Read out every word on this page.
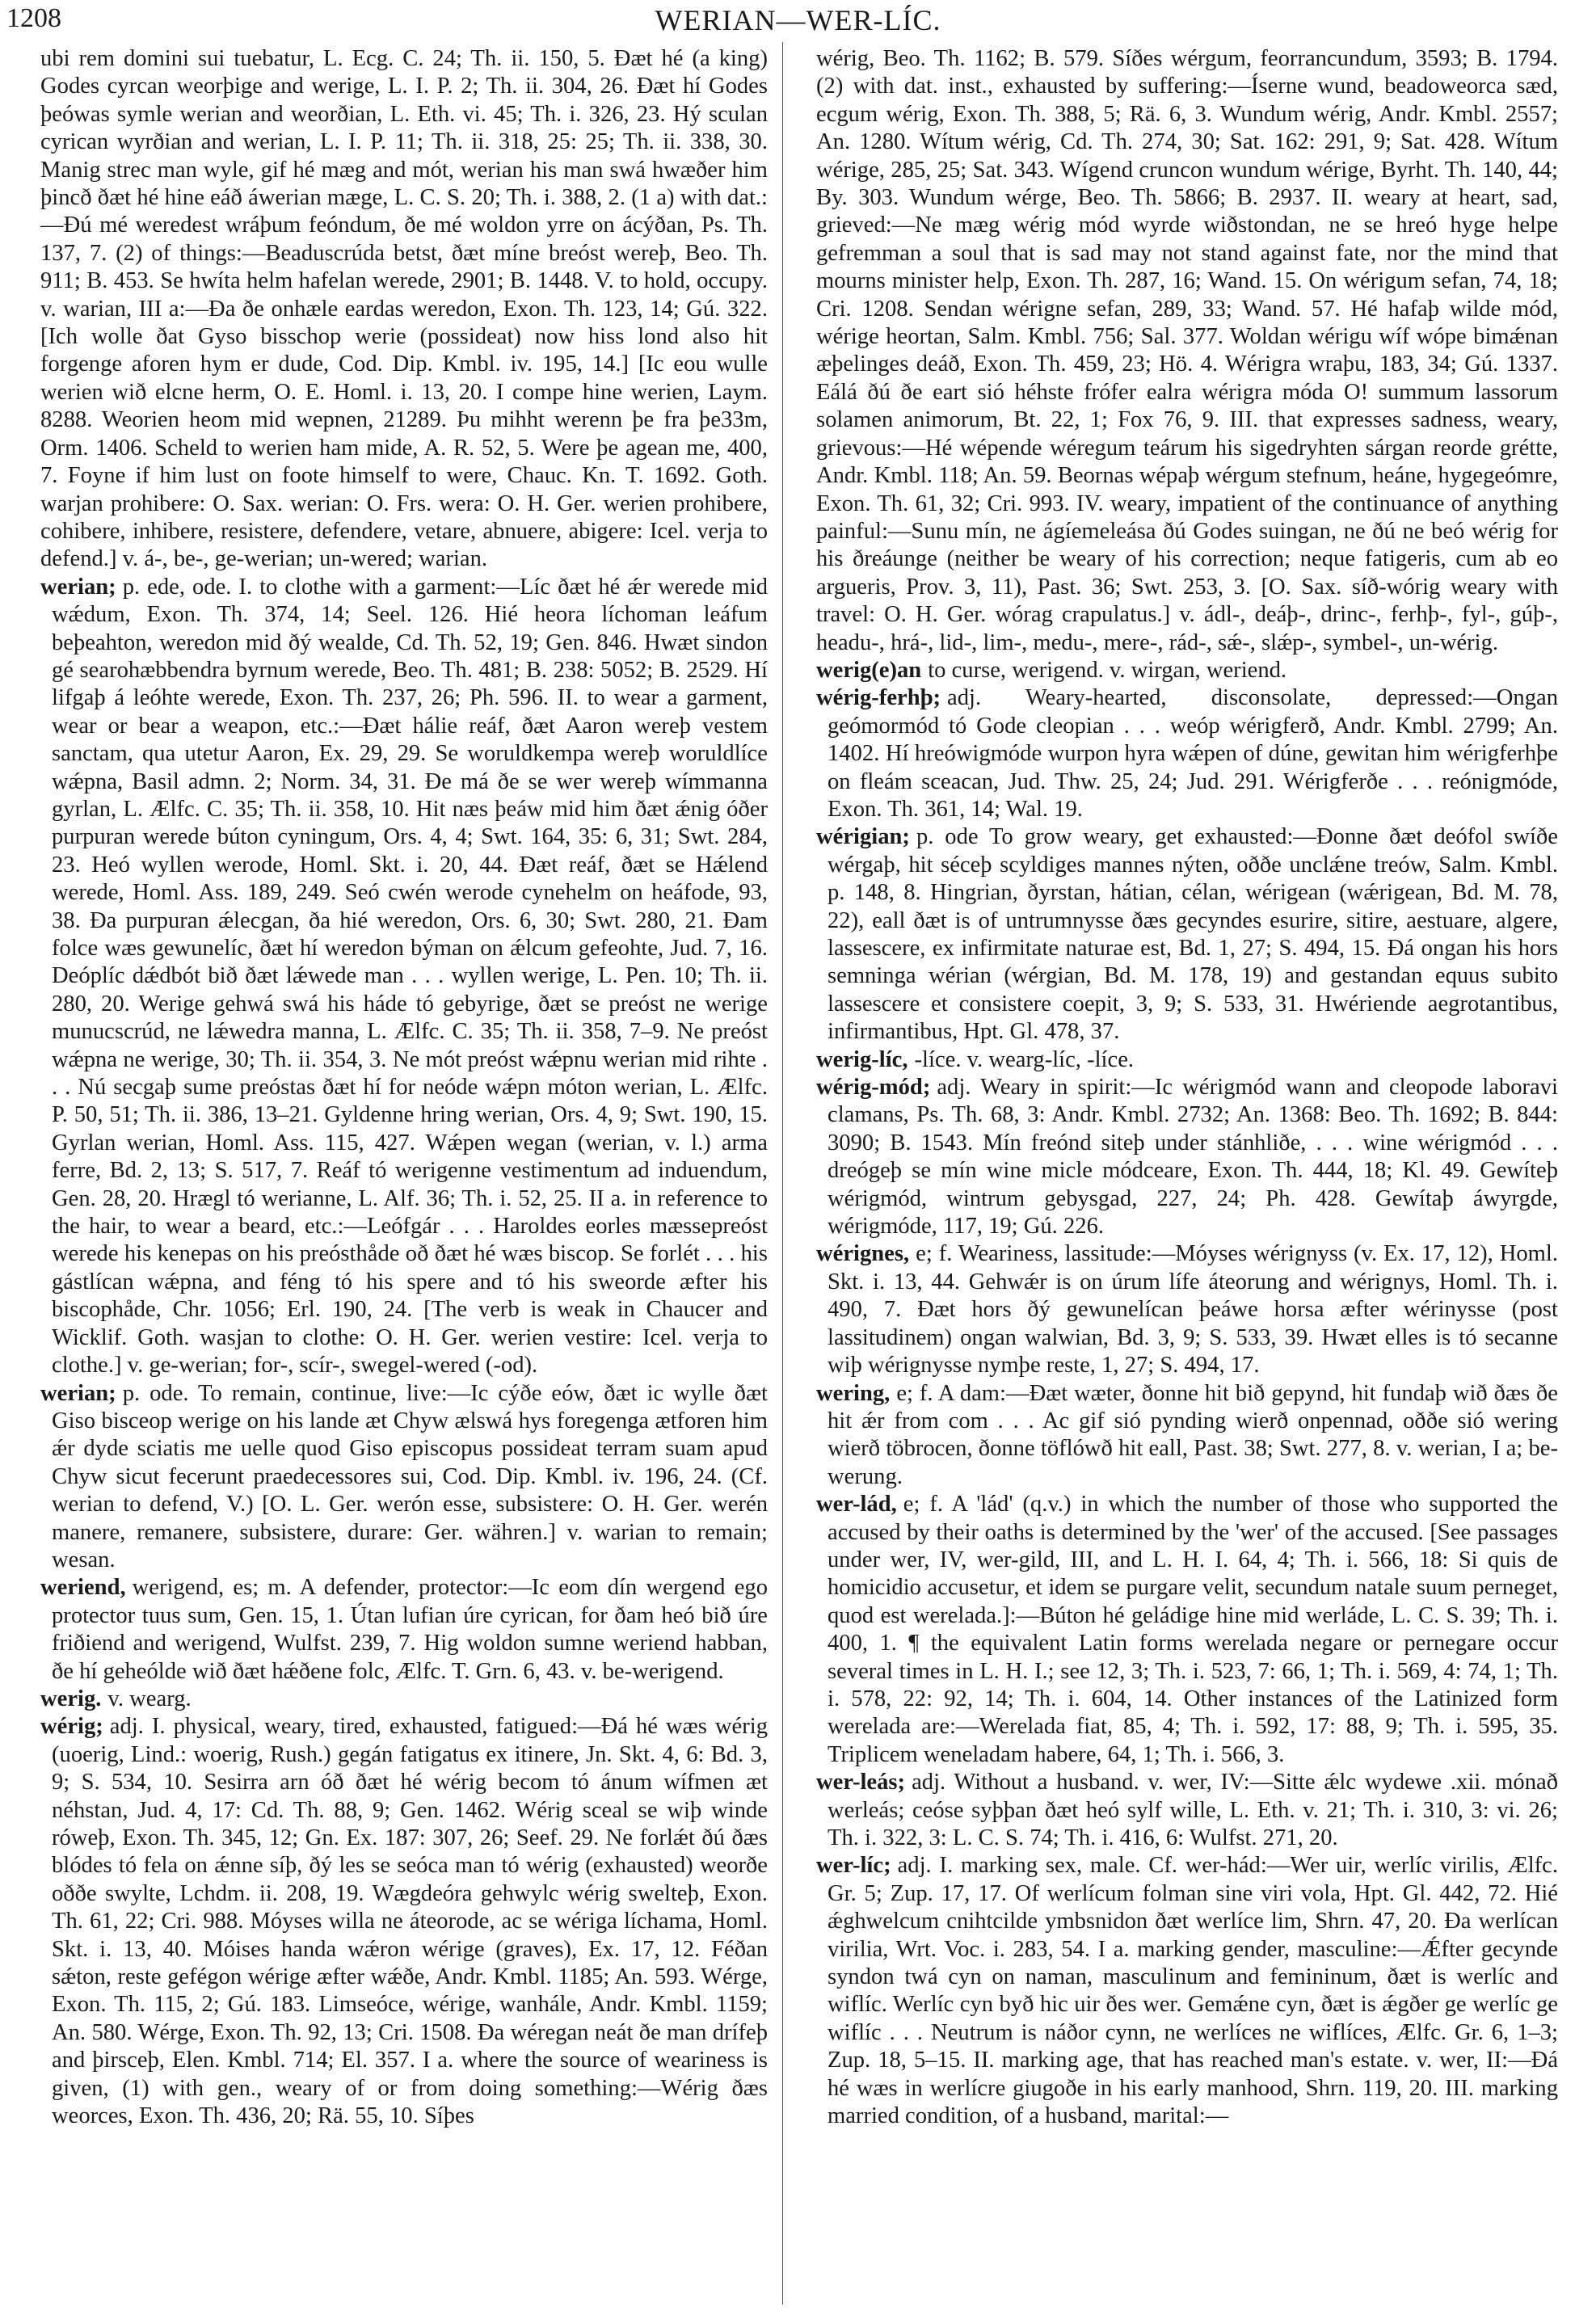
1208	WERIAN—WER-LÍC.

ubi rem domini sui tuebatur, L. Ecg. C. 24; Th. ii. 150, 5. Ðæt hé (a king) Godes cyrcan weorþige and werige, L. I. P. 2; Th. ii. 304, 26. Ðæt hí Godes þeówas symle werian and weorðian, L. Eth. vi. 45; Th. i. 326, 23. Hý sculan cyrican wyrðian and werian, L. I. P. 11; Th. ii. 318, 25: 25; Th. ii. 338, 30. Manig strec man wyle, gif hé mæg and mót, werian his man swá hwæðer him þincð ðæt hé hine eáð áwerian mæge, L. C. S. 20; Th. i. 388, 2. (1 a) with dat.:—Ðú mé weredest wráþum feóndum, ðe mé woldon yrre on ácýðan, Ps. Th. 137, 7. (2) of things:—Beaduscrúda betst, ðæt míne breóst wereþ, Beo. Th. 911; B. 453. Se hwíta helm hafelan werede, 2901; B. 1448. V. to hold, occupy. v. warian, III a:—Ða ðe onhæle eardas weredon, Exon. Th. 123, 14; Gú. 322. [Ich wolle ðat Gyso bisschop werie (possideat) now hiss lond also hit forgenge aforen hym er dude, Cod. Dip. Kmbl. iv. 195, 14.] [Ic eou wulle werien wið elcne herm, O. E. Homl. i. 13, 20. I compe hine werien, Laym. 8288. Weorien heom mid wepnen, 21289. Þu mihht werenn þe fra þe33m, Orm. 1406. Scheld to werien ham mide, A. R. 52, 5. Were þe agean me, 400, 7. Foyne if him lust on foote himself to were, Chauc. Kn. T. 1692. Goth. warjan prohibere: O. Sax. werian: O. Frs. wera: O. H. Ger. werien prohibere, cohibere, inhibere, resistere, defendere, vetare, abnuere, abigere: Icel. verja to defend.] v. á-, be-, ge-werian; un-wered; warian.

werian; p. ede, ode. I. to clothe with a garment:—Líc ðæt hé ǽr werede mid wǽdum, Exon. Th. 374, 14; Seel. 126. Hié heora líchoman leáfum beþeahton, weredon mid ðý wealde, Cd. Th. 52, 19; Gen. 846. Hwæt sindon gé searohæbbendra byrnum werede, Beo. Th. 481; B. 238: 5052; B. 2529. Hí lifgaþ á leóhte werede, Exon. Th. 237, 26; Ph. 596. II. to wear a garment, wear or bear a weapon, etc.:—Ðæt hálie reáf, ðæt Aaron wereþ vestem sanctam, qua utetur Aaron, Ex. 29, 29. Se woruldkempa wereþ woruldlíce wǽpna, Basil admn. 2; Norm. 34, 31. Ðe má ðe se wer wereþ wímmanna gyrlan, L. Ælfc. C. 35; Th. ii. 358, 10. Hit næs þeáw mid him ðæt ǽnig óðer purpuran werede búton cyningum, Ors. 4, 4; Swt. 164, 35: 6, 31; Swt. 284, 23. Heó wyllen werode, Homl. Skt. i. 20, 44. Ðæt reáf, ðæt se Hǽlend werede, Homl. Ass. 189, 249. Seó cwén werode cynehelm on heáfode, 93, 38. Ða purpuran ǽlecgan, ða hié weredon, Ors. 6, 30; Swt. 280, 21. Ðam folce wæs gewunelíc, ðæt hí weredon býman on ǽlcum gefeohte, Jud. 7, 16. Deóplíc dǽdbót bið ðæt lǽwede man . . . wyllen werige, L. Pen. 10; Th. ii. 280, 20. Werige gehwá swá his háde tó gebyrige, ðæt se preóst ne werige munucscrúd, ne lǽwedra manna, L. Ælfc. C. 35; Th. ii. 358, 7–9. Ne preóst wǽpna ne werige, 30; Th. ii. 354, 3. Ne mót preóst wǽpnu werian mid rihte . . . Nú secgaþ sume preóstas ðæt hí for neóde wǽpn móton werian, L. Ælfc. P. 50, 51; Th. ii. 386, 13–21. Gyldenne hring werian, Ors. 4, 9; Swt. 190, 15. Gyrlan werian, Homl. Ass. 115, 427. Wǽpen wegan (werian, v. l.) arma ferre, Bd. 2, 13; S. 517, 7. Reáf tó werigenne vestimentum ad induendum, Gen. 28, 20. Hrægl tó werianne, L. Alf. 36; Th. i. 52, 25. II a. in reference to the hair, to wear a beard, etc.:—Leófgár . . . Haroldes eorles mæssepreóst werede his kenepas on his preósthåde oð ðæt hé wæs biscop. Se forlét . . . his gástlícan wǽpna, and féng tó his spere and tó his sweorde æfter his biscophåde, Chr. 1056; Erl. 190, 24. [The verb is weak in Chaucer and Wicklif. Goth. wasjan to clothe: O. H. Ger. werien vestire: Icel. verja to clothe.] v. ge-werian; for-, scír-, swegel-wered (-od).

werian; p. ode. To remain, continue, live:—Ic cýðe eów, ðæt ic wylle ðæt Giso bisceop werige on his lande æt Chyw ælswá hys foregenga ætforen him ǽr dyde sciatis me uelle quod Giso episcopus possideat terram suam apud Chyw sicut fecerunt praedecessores sui, Cod. Dip. Kmbl. iv. 196, 24. (Cf. werian to defend, V.) [O. L. Ger. werón esse, subsistere: O. H. Ger. werén manere, remanere, subsistere, durare: Ger. währen.] v. warian to remain; wesan.

weriend, werigend, es; m. A defender, protector:—Ic eom dín wergend ego protector tuus sum, Gen. 15, 1. Útan lufian úre cyrican, for ðam heó bið úre friðiend and werigend, Wulfst. 239, 7. Hig woldon sumne weriend habban, ðe hí geheólde wið ðæt hǽðene folc, Ælfc. T. Grn. 6, 43. v. be-werigend.

werig. v. wearg.

wérig; adj. I. physical, weary, tired, exhausted, fatigued:—Ðá hé wæs wérig (uoerig, Lind.: woerig, Rush.) gegán fatigatus ex itinere, Jn. Skt. 4, 6: Bd. 3, 9; S. 534, 10. Sesirra arn óð ðæt hé wérig becom tó ánum wífmen æt néhstan, Jud. 4, 17: Cd. Th. 88, 9; Gen. 1462. Wérig sceal se wiþ winde róweþ, Exon. Th. 345, 12; Gn. Ex. 187: 307, 26; Seef. 29. Ne forlǽt ðú ðæs blódes tó fela on ǽnne síþ, ðý les se seóca man tó wérig (exhausted) weorðe oððe swylte, Lchdm. ii. 208, 19. Wægdeóra gehwylc wérig swelteþ, Exon. Th. 61, 22; Cri. 988. Móyses willa ne áteorode, ac se wériga líchama, Homl. Skt. i. 13, 40. Móises handa wǽron wérige (graves), Ex. 17, 12. Féðan sǽton, reste gefégon wérige æfter wǽðe, Andr. Kmbl. 1185; An. 593. Wérge, Exon. Th. 115, 2; Gú. 183. Limseóce, wérige, wanhále, Andr. Kmbl. 1159; An. 580. Wérge, Exon. Th. 92, 13; Cri. 1508. Ða wéregan neát ðe man drífeþ and þirsceþ, Elen. Kmbl. 714; El. 357. I a. where the source of weariness is given, (1) with gen., weary of or from doing something:—Wérig ðæs weorces, Exon. Th. 436, 20; Rä. 55, 10. Síþes

wérig, Beo. Th. 1162; B. 579. Síðes wérgum, feorrancundum, 3593; B. 1794. (2) with dat. inst., exhausted by suffering:—Íserne wund, beadoweorca sæd, ecgum wérig, Exon. Th. 388, 5; Rä. 6, 3. Wundum wérig, Andr. Kmbl. 2557; An. 1280. Wítum wérig, Cd. Th. 274, 30; Sat. 162: 291, 9; Sat. 428. Wítum wérige, 285, 25; Sat. 343. Wígend cruncon wundum wérige, Byrht. Th. 140, 44; By. 303. Wundum wérge, Beo. Th. 5866; B. 2937. II. weary at heart, sad, grieved:—Ne mæg wérig mód wyrde wiðstondan, ne se hreó hyge helpe gefremman a soul that is sad may not stand against fate, nor the mind that mourns minister help, Exon. Th. 287, 16; Wand. 15. On wérigum sefan, 74, 18; Cri. 1208. Sendan wérigne sefan, 289, 33; Wand. 57. Hé hafaþ wilde mód, wérige heortan, Salm. Kmbl. 756; Sal. 377. Woldan wérigu wíf wópe bimǽnan æþelinges deáð, Exon. Th. 459, 23; Hö. 4. Wérigra wraþu, 183, 34; Gú. 1337. Eálá ðú ðe eart sió héhste frófer ealra wérigra móda O! summum lassorum solamen animorum, Bt. 22, 1; Fox 76, 9. III. that expresses sadness, weary, grievous:—Hé wépende wéregum teárum his sigedryhten sárgan reorde grétte, Andr. Kmbl. 118; An. 59. Beornas wépaþ wérgum stefnum, heáne, hygegeómre, Exon. Th. 61, 32; Cri. 993. IV. weary, impatient of the continuance of anything painful:—Sunu mín, ne ágíemeleása ðú Godes suingan, ne ðú ne beó wérig for his ðreáunge (neither be weary of his correction; neque fatigeris, cum ab eo argueris, Prov. 3, 11), Past. 36; Swt. 253, 3. [O. Sax. síð-wórig weary with travel: O. H. Ger. wórag crapulatus.] v. ádl-, deáþ-, drinc-, ferhþ-, fyl-, gúþ-, headu-, hrá-, lid-, lim-, medu-, mere-, rád-, sǽ-, slǽp-, symbel-, un-wérig.

werig(e)an to curse, werigend. v. wirgan, weriend.

wérig-ferhþ; adj. Weary-hearted, disconsolate, depressed:—Ongan geómormód tó Gode cleopian . . . weóp wérigferð, Andr. Kmbl. 2799; An. 1402. Hí hreówigmóde wurpon hyra wǽpen of dúne, gewitan him wérigferhþe on fleám sceacan, Jud. Thw. 25, 24; Jud. 291. Wérigferðe . . . reónigmóde, Exon. Th. 361, 14; Wal. 19.

wérigian; p. ode To grow weary, get exhausted:—Ðonne ðæt deófol swíðe wérgaþ, hit séceþ scyldiges mannes nýten, oððe unclǽne treów, Salm. Kmbl. p. 148, 8. Hingrian, ðyrstan, hátian, célan, wérigean (wǽrigean, Bd. M. 78, 22), eall ðæt is of untrumnysse ðæs gecyndes esurire, sitire, aestuare, algere, lassescere, ex infirmitate naturae est, Bd. 1, 27; S. 494, 15. Ðá ongan his hors semninga wérian (wérgian, Bd. M. 178, 19) and gestandan equus subito lassescere et consistere coepit, 3, 9; S. 533, 31. Hwériende aegrotantibus, infirmantibus, Hpt. Gl. 478, 37.

werig-líc, -líce. v. wearg-líc, -líce.

wérig-mód; adj. Weary in spirit:—Ic wérigmód wann and cleopode laboravi clamans, Ps. Th. 68, 3: Andr. Kmbl. 2732; An. 1368: Beo. Th. 1692; B. 844: 3090; B. 1543. Mín freónd siteþ under stánhliðe, . . . wine wérigmód . . . dreógeþ se mín wine micle módceare, Exon. Th. 444, 18; Kl. 49. Gewíteþ wérigmód, wintrum gebysgad, 227, 24; Ph. 428. Gewítaþ áwyrgde, wérigmóde, 117, 19; Gú. 226.

wérignes, e; f. Weariness, lassitude:—Móyses wérignyss (v. Ex. 17, 12), Homl. Skt. i. 13, 44. Gehwǽr is on úrum lífe áteorung and wérignys, Homl. Th. i. 490, 7. Ðæt hors ðý gewunelícan þeáwe horsa æfter wérinysse (post lassitudinem) ongan walwian, Bd. 3, 9; S. 533, 39. Hwæt elles is tó secanne wiþ wérignysse nymþe reste, 1, 27; S. 494, 17.

wering, e; f. A dam:—Ðæt wæter, ðonne hit bið gepynd, hit fundaþ wið ðæs ðe hit ǽr from com . . . Ac gif sió pynding wierð onpennad, oððe sió wering wierð töbrocen, ðonne töflówð hit eall, Past. 38; Swt. 277, 8. v. werian, I a; be-werung.

wer-lád, e; f. A 'lád' (q.v.) in which the number of those who supported the accused by their oaths is determined by the 'wer' of the accused. [See passages under wer, IV, wer-gild, III, and L. H. I. 64, 4; Th. i. 566, 18: Si quis de homicidio accusetur, et idem se purgare velit, secundum natale suum perneget, quod est werelada.]:—Búton hé geládige hine mid werláde, L. C. S. 39; Th. i. 400, 1. ¶ the equivalent Latin forms werelada negare or pernegare occur several times in L. H. I.; see 12, 3; Th. i. 523, 7: 66, 1; Th. i. 569, 4: 74, 1; Th. i. 578, 22: 92, 14; Th. i. 604, 14. Other instances of the Latinized form werelada are:—Werelada fiat, 85, 4; Th. i. 592, 17: 88, 9; Th. i. 595, 35. Triplicem weneladam habere, 64, 1; Th. i. 566, 3.

wer-leás; adj. Without a husband. v. wer, IV:—Sitte ǽlc wydewe .xii. mónað werleás; ceóse syþþan ðæt heó sylf wille, L. Eth. v. 21; Th. i. 310, 3: vi. 26; Th. i. 322, 3: L. C. S. 74; Th. i. 416, 6: Wulfst. 271, 20.

wer-líc; adj. I. marking sex, male. Cf. wer-hád:—Wer uir, werlíc virilis, Ælfc. Gr. 5; Zup. 17, 17. Of werlícum folman sine viri vola, Hpt. Gl. 442, 72. Hié ǽghwelcum cnihtcilde ymbsnidon ðæt werlíce lim, Shrn. 47, 20. Ða werlícan virilia, Wrt. Voc. i. 283, 54. I a. marking gender, masculine:—Ǽfter gecynde syndon twá cyn on naman, masculinum and femininum, ðæt is werlíc and wiflíc. Werlíc cyn byð hic uir ðes wer. Gemǽne cyn, ðæt is ǽgðer ge werlíc ge wiflíc . . . Neutrum is náðor cynn, ne werlíces ne wiflíces, Ælfc. Gr. 6, 1–3; Zup. 18, 5–15. II. marking age, that has reached man's estate. v. wer, II:—Ðá hé wæs in werlícre giugoðe in his early manhood, Shrn. 119, 20. III. marking married condition, of a husband, marital:—
